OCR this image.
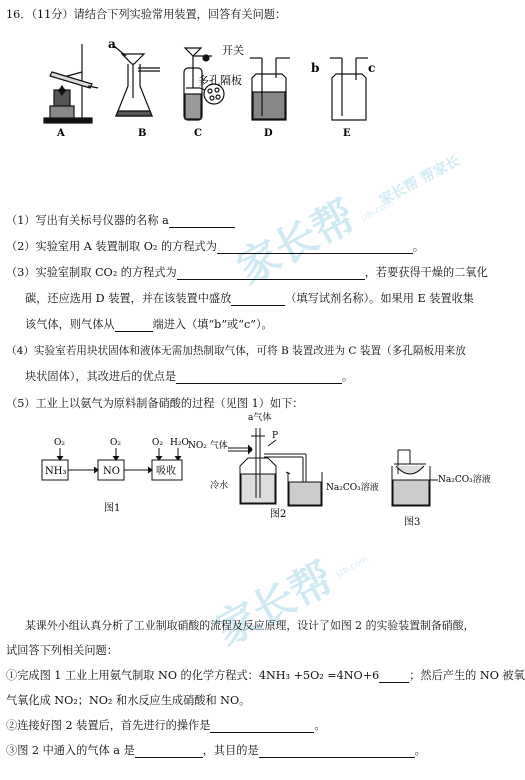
家长帮
jzb.com
家长帮 帮家长
家长帮
jzb.com
16．（11分）请结合下列实验常用装置，回答有关问题：
A
a
B
开关
多孔隔板
C	D
b	c
E
（1）写出有关标号仪器的名称 a
（2）实验室用 A 装置制取 O₂ 的方程式为	。
（3）实验室制取 CO₂ 的方程式为	，若要获得干燥的二氧化
碳，还应选用 D 装置，并在该装置中盛放	（填写试剂名称）。如果用 E 装置收集
该气体，则气体从	端进入（填“b”或“c”）。
（4）实验室若用块状固体和液体无需加热制取气体，可将 B 装置改进为 C 装置（多孔隔板用来放
块状固体），其改进后的优点是	。
（5）工业上以氨气为原料制备硝酸的过程（见图 1）如下：
NH₃	NO	吸收
O₂	O₂	O₂ H₂O
图1
a气体
NO₂ 气体
P
冷水	Na₂CO₃溶液
图2
Na₂CO₃溶液
图3
某课外小组认真分析了工业制取硝酸的流程及反应原理，设计了如图 2 的实验装置制备硝酸，
试回答下列相关问题：
①完成图 1 工业上用氨气制取 NO 的化学方程式：4NH₃ +5O₂ =4NO+6	；然后产生的 NO 被氧
气氧化成 NO₂；NO₂ 和水反应生成硝酸和 NO。
②连接好图 2 装置后，首先进行的操作是	。
③图 2 中通入的气体 a 是	，其目的是	。
